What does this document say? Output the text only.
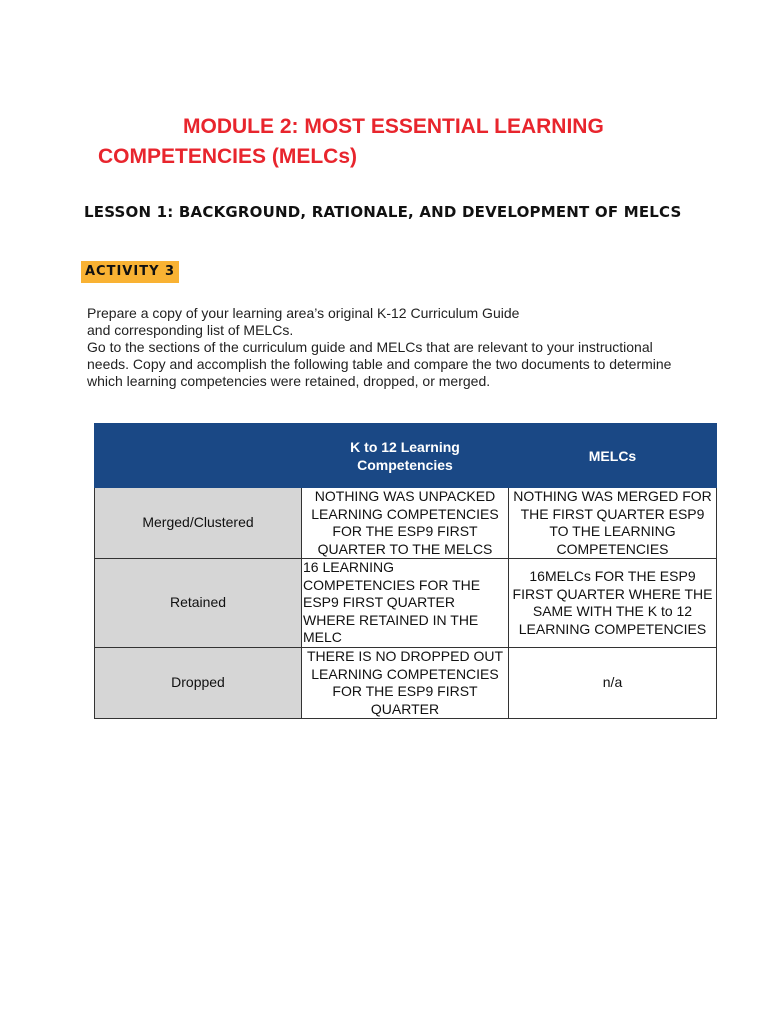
MODULE 2: MOST ESSENTIAL LEARNING
COMPETENCIES (MELCs)
LESSON 1: BACKGROUND, RATIONALE, AND DEVELOPMENT OF MELCS
ACTIVITY 3

Prepare a copy of your learning area’s original K-12 Curriculum Guide

and corresponding list of MELCs.

Go to the sections of the curriculum guide and MELCs that are relevant to your instructional needs. Copy and accomplish the following table and compare the two documents to determine which learning competencies were retained, dropped, or merged.

	K to 12 Learning Competencies	MELCs
Merged/Clustered	NOTHING WAS UNPACKED LEARNING COMPETENCIES FOR THE ESP9 FIRST QUARTER TO THE MELCS	NOTHING WAS MERGED FOR THE FIRST QUARTER ESP9 TO THE LEARNING COMPETENCIES
Retained	16 LEARNING COMPETENCIES FOR THE ESP9 FIRST QUARTER WHERE RETAINED IN THE MELC	16MELCs FOR THE ESP9 FIRST QUARTER WHERE THE SAME WITH THE K to 12 LEARNING COMPETENCIES
Dropped	THERE IS NO DROPPED OUT LEARNING COMPETENCIES FOR THE ESP9 FIRST QUARTER	n/a
